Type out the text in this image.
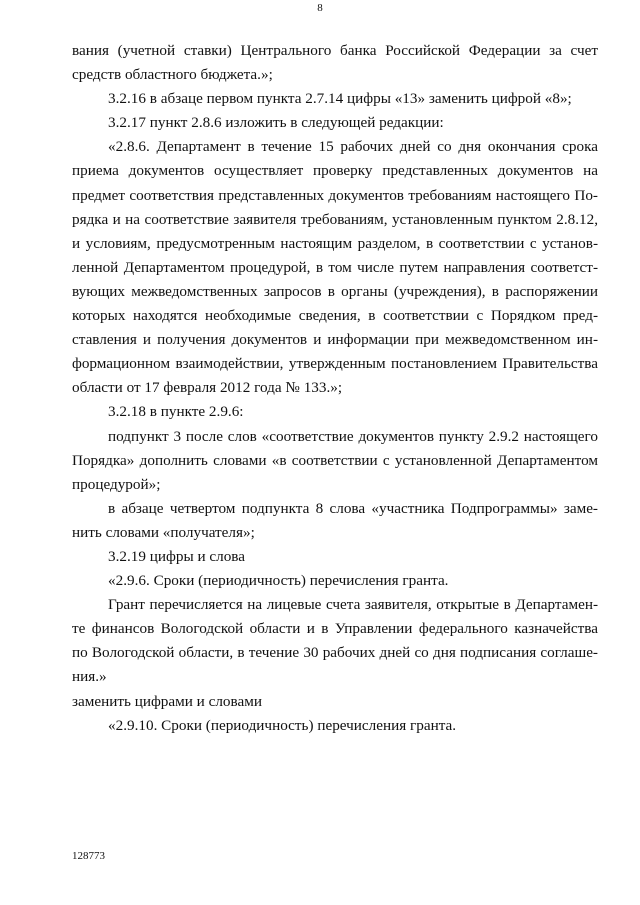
8
вания (учетной ставки) Центрального банка Российской Федерации за счет
средств областного бюджета.»;
3.2.16 в абзаце первом пункта 2.7.14 цифры «13» заменить цифрой «8»;
3.2.17 пункт 2.8.6 изложить в следующей редакции:
«2.8.6. Департамент в течение 15 рабочих дней со дня окончания срока
приема документов осуществляет проверку представленных документов на
предмет соответствия представленных документов требованиям настоящего По-
рядка и на соответствие заявителя требованиям, установленным пунктом 2.8.12,
и условиям, предусмотренным настоящим разделом, в соответствии с установ-
ленной Департаментом процедурой, в том числе путем направления соответст-
вующих межведомственных запросов в органы (учреждения), в распоряжении
которых находятся необходимые сведения, в соответствии с Порядком пред-
ставления и получения документов и информации при межведомственном ин-
формационном взаимодействии, утвержденным постановлением Правительства
области от 17 февраля 2012 года № 133.»;
3.2.18 в пункте 2.9.6:
подпункт 3 после слов «соответствие документов пункту 2.9.2 настоящего
Порядка» дополнить словами «в соответствии с установленной Департаментом
процедурой»;
в абзаце четвертом подпункта 8 слова «участника Подпрограммы» заме-
нить словами «получателя»;
3.2.19 цифры и слова
«2.9.6. Сроки (периодичность) перечисления гранта.
Грант перечисляется на лицевые счета заявителя, открытые в Департамен-
те финансов Вологодской области и в Управлении федерального казначейства
по Вологодской области, в течение 30 рабочих дней со дня подписания соглаше-
ния.»
заменить цифрами и словами
«2.9.10. Сроки (периодичность) перечисления гранта.
128773
